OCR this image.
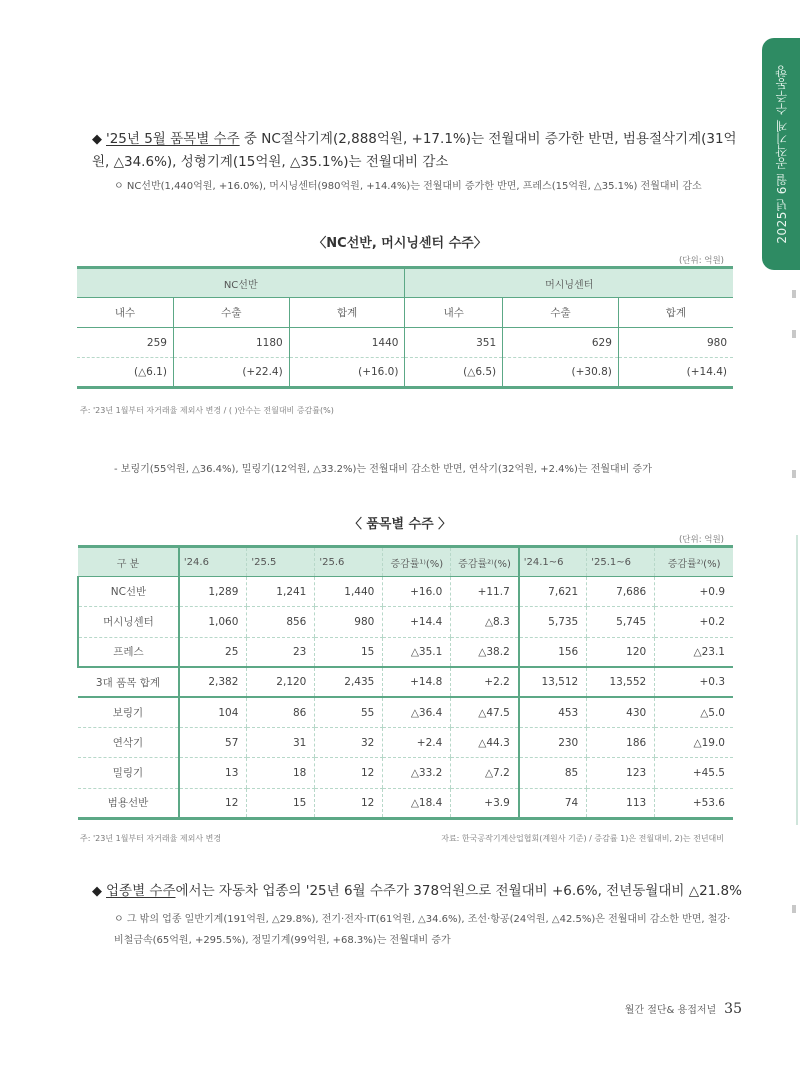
2025년 6월 공작기계 수주동향
◆ '25년 5월 품목별 수주 중 NC절삭기계(2,888억원, +17.1%)는 전월대비 증가한 반면, 범용절삭기계(31억원, △34.6%), 성형기계(15억원, △35.1%)는 전월대비 감소
ㅇ NC선반(1,440억원, +16.0%), 머시닝센터(980억원, +14.4%)는 전월대비 증가한 반면, 프레스(15억원, △35.1%) 전월대비 감소
〈NC선반, 머시닝센터 수주〉
(단위: 억원)
NC선반			머시닝센터		
내수	수출	합계	내수	수출	합계
259	1180	1440	351	629	980
(△6.1)	(+22.4)	(+16.0)	(△6.5)	(+30.8)	(+14.4)
주: '23년 1월부터 자거래율 제외사 변경 / ( )안수는 전월대비 증감률(%)
- 보링기(55억원, △36.4%), 밀링기(12억원, △33.2%)는 전월대비 감소한 반면, 연삭기(32억원, +2.4%)는 전월대비 증가
〈 품목별 수주 〉
(단위: 억원)
구 분	'24.6	'25.5	'25.6	증감률¹⁾(%)	증감률²⁾(%)	'24.1~6	'25.1~6	증감률²⁾(%)
NC선반	1,289	1,241	1,440	+16.0	+11.7	7,621	7,686	+0.9
머시닝센터	1,060	856	980	+14.4	△8.3	5,735	5,745	+0.2
프레스	25	23	15	△35.1	△38.2	156	120	△23.1
3대 품목 합계	2,382	2,120	2,435	+14.8	+2.2	13,512	13,552	+0.3
보링기	104	86	55	△36.4	△47.5	453	430	△5.0
연삭기	57	31	32	+2.4	△44.3	230	186	△19.0
밀링기	13	18	12	△33.2	△7.2	85	123	+45.5
범용선반	12	15	12	△18.4	+3.9	74	113	+53.6
주: '23년 1월부터 자거래율 제외사 변경	자료: 한국공작기계산업협회(계원사 기준) / 증감률 1)은 전월대비, 2)는 전년대비
◆ 업종별 수주에서는 자동차 업종의 '25년 6월 수주가 378억원으로 전월대비 +6.6%, 전년동월대비 △21.8%
ㅇ 그 밖의 업종 일반기계(191억원, △29.8%), 전기·전자·IT(61억원, △34.6%), 조선·항공(24억원, △42.5%)은 전월대비 감소한 반면, 철강·비철금속(65억원, +295.5%), 정밀기계(99억원, +68.3%)는 전월대비 증가
월간 절단& 용접저널 35
